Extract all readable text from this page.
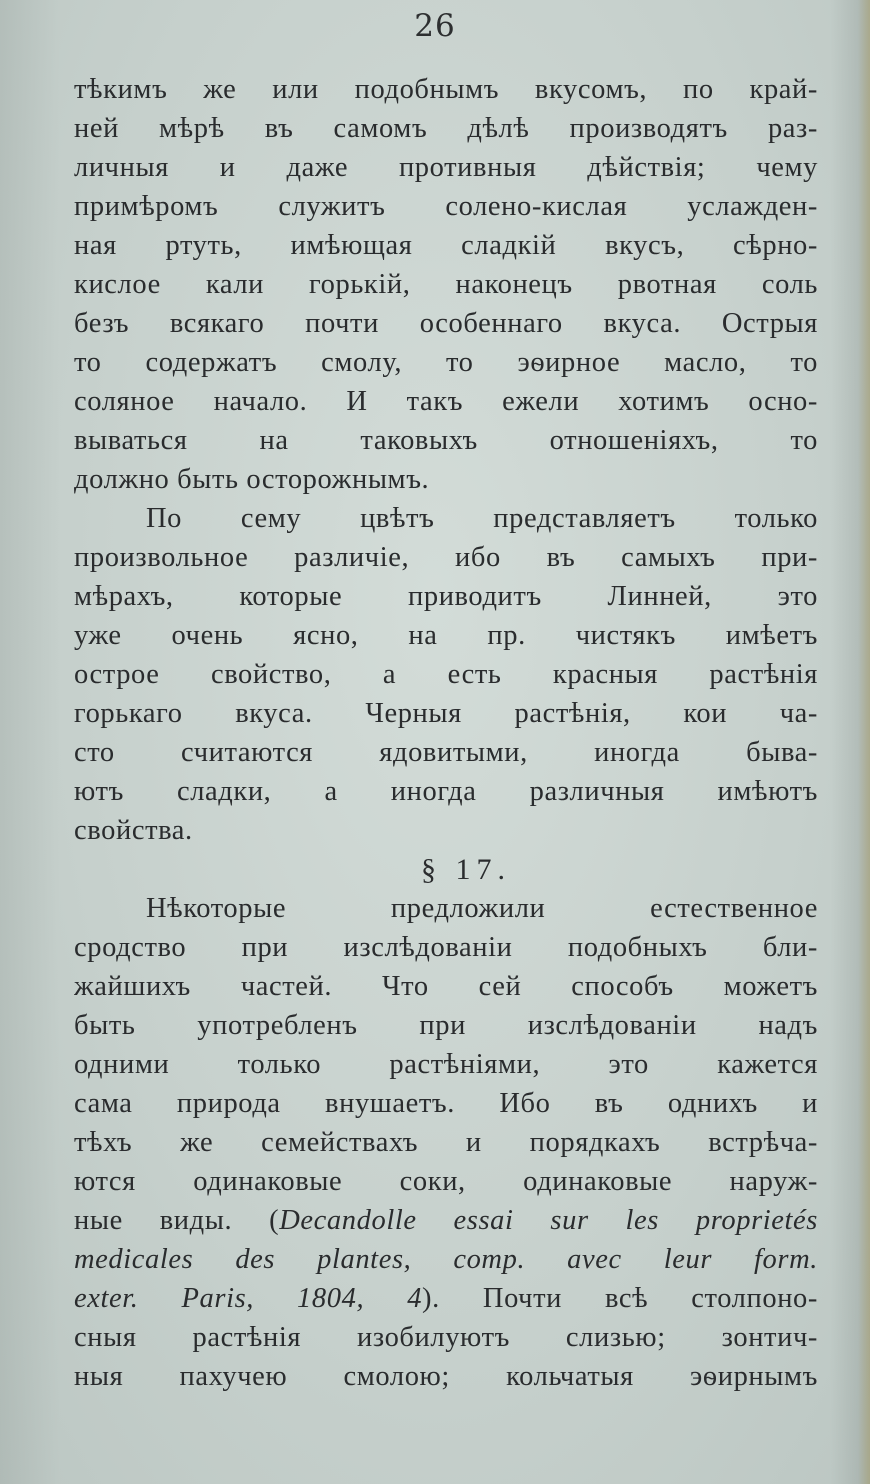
26
тѣкимъ же или подобнымъ вкусомъ, по край-
ней мѣрѣ въ самомъ дѣлѣ производятъ раз-
личныя и даже противныя дѣйствія; чему
примѣромъ служитъ солено-кислая услажден-
ная ртуть, имѣющая сладкій вкусъ, сѣрно-
кислое кали горькій, наконецъ рвотная соль
безъ всякаго почти особеннаго вкуса. Острыя
то содержатъ смолу, то эѳирное масло, то
соляное начало. И такъ ежели хотимъ осно-
вываться на таковыхъ отношеніяхъ, то
должно быть осторожнымъ.
По сему цвѣтъ представляетъ только
произвольное различіе, ибо въ самыхъ при-
мѣрахъ, которые приводитъ Линней, это
уже очень ясно, на пр. чистякъ имѣетъ
острое свойство, а есть красныя растѣнія
горькаго вкуса. Черныя растѣнія, кои ча-
сто считаются ядовитыми, иногда быва-
ютъ сладки, а иногда различныя имѣютъ
свойства.
§ 17.
Нѣкоторые предложили естественное
сродство при изслѣдованіи подобныхъ бли-
жайшихъ частей. Что сей способъ можетъ
быть употребленъ при изслѣдованіи надъ
одними только растѣніями, это кажется
сама природа внушаетъ. Ибо въ однихъ и
тѣхъ же семействахъ и порядкахъ встрѣча-
ются одинаковые соки, одинаковые наруж-
ные виды. (Decandolle essai sur les proprietés
medicales des plantes, comp. avec leur form.
exter. Paris, 1804, 4). Почти всѣ столпоно-
сныя растѣнія изобилуютъ слизью; зонтич-
ныя пахучею смолою; кольчатыя эѳирнымъ
